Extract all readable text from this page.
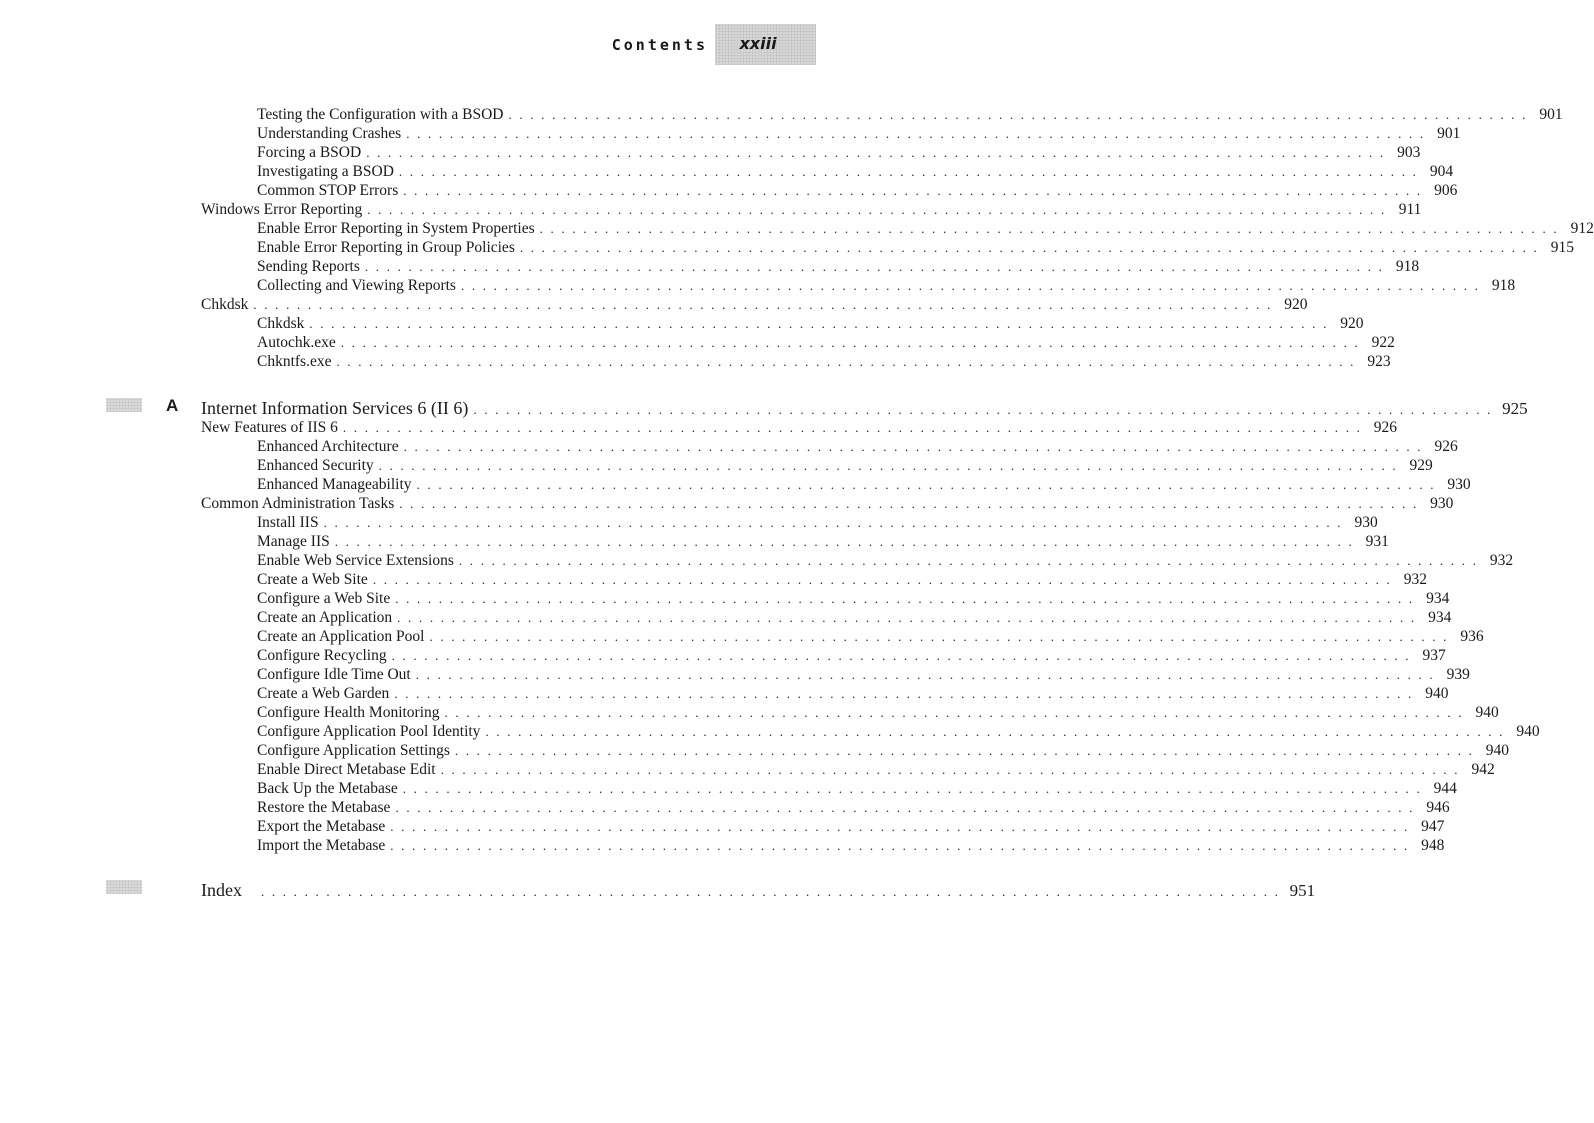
Contents	xxiii
Testing the Configuration with a BSOD . . . . . . . . . . . . . . . . . . . . . . . . . . . . . . . . . . . . . . . . . . . . . . . . . . . . . . . . . . . . . . . . . . . . . . . . . . . . . . . . . . . . . . . . . . . . . . 901
Understanding Crashes . . . . . . . . . . . . . . . . . . . . . . . . . . . . . . . . . . . . . . . . . . . . . . . . . . . . . . . . . . . . . . . . . . . . . . . . . . . . . . . . . . . . . . . . . . . . . . 901
Forcing a BSOD . . . . . . . . . . . . . . . . . . . . . . . . . . . . . . . . . . . . . . . . . . . . . . . . . . . . . . . . . . . . . . . . . . . . . . . . . . . . . . . . . . . . . . . . . . . . . . 903
Investigating a BSOD . . . . . . . . . . . . . . . . . . . . . . . . . . . . . . . . . . . . . . . . . . . . . . . . . . . . . . . . . . . . . . . . . . . . . . . . . . . . . . . . . . . . . . . . . . . . . . 904
Common STOP Errors . . . . . . . . . . . . . . . . . . . . . . . . . . . . . . . . . . . . . . . . . . . . . . . . . . . . . . . . . . . . . . . . . . . . . . . . . . . . . . . . . . . . . . . . . . . . . . 906
Windows Error Reporting . . . . . . . . . . . . . . . . . . . . . . . . . . . . . . . . . . . . . . . . . . . . . . . . . . . . . . . . . . . . . . . . . . . . . . . . . . . . . . . . . . . . . . . . . . . . . . 911
Enable Error Reporting in System Properties . . . . . . . . . . . . . . . . . . . . . . . . . . . . . . . . . . . . . . . . . . . . . . . . . . . . . . . . . . . . . . . . . . . . . . . . . . . . . . . . . . . . . . . . . . . . . . 912
Enable Error Reporting in Group Policies . . . . . . . . . . . . . . . . . . . . . . . . . . . . . . . . . . . . . . . . . . . . . . . . . . . . . . . . . . . . . . . . . . . . . . . . . . . . . . . . . . . . . . . . . . . . . . 915
Sending Reports . . . . . . . . . . . . . . . . . . . . . . . . . . . . . . . . . . . . . . . . . . . . . . . . . . . . . . . . . . . . . . . . . . . . . . . . . . . . . . . . . . . . . . . . . . . . . . 918
Collecting and Viewing Reports . . . . . . . . . . . . . . . . . . . . . . . . . . . . . . . . . . . . . . . . . . . . . . . . . . . . . . . . . . . . . . . . . . . . . . . . . . . . . . . . . . . . . . . . . . . . . . 918
Chkdsk . . . . . . . . . . . . . . . . . . . . . . . . . . . . . . . . . . . . . . . . . . . . . . . . . . . . . . . . . . . . . . . . . . . . . . . . . . . . . . . . . . . . . . . . . . . . . . 920
Chkdsk . . . . . . . . . . . . . . . . . . . . . . . . . . . . . . . . . . . . . . . . . . . . . . . . . . . . . . . . . . . . . . . . . . . . . . . . . . . . . . . . . . . . . . . . . . . . . . 920
Autochk.exe . . . . . . . . . . . . . . . . . . . . . . . . . . . . . . . . . . . . . . . . . . . . . . . . . . . . . . . . . . . . . . . . . . . . . . . . . . . . . . . . . . . . . . . . . . . . . . 922
Chkntfs.exe . . . . . . . . . . . . . . . . . . . . . . . . . . . . . . . . . . . . . . . . . . . . . . . . . . . . . . . . . . . . . . . . . . . . . . . . . . . . . . . . . . . . . . . . . . . . . . 923
A Internet Information Services 6 (II 6) . . . . . . . . . . . . . . . . . . . . . . . . . . . . . . . . . . . . . . . . . . . . . . . . . . . . . . . . . . . . . . . . . . . . . . . . . . . . . . . . . . . . . . . . . . . . . . 925
New Features of IIS 6 . . . . . . . . . . . . . . . . . . . . . . . . . . . . . . . . . . . . . . . . . . . . . . . . . . . . . . . . . . . . . . . . . . . . . . . . . . . . . . . . . . . . . . . . . . . . . . 926
Enhanced Architecture . . . . . . . . . . . . . . . . . . . . . . . . . . . . . . . . . . . . . . . . . . . . . . . . . . . . . . . . . . . . . . . . . . . . . . . . . . . . . . . . . . . . . . . . . . . . . . 926
Enhanced Security . . . . . . . . . . . . . . . . . . . . . . . . . . . . . . . . . . . . . . . . . . . . . . . . . . . . . . . . . . . . . . . . . . . . . . . . . . . . . . . . . . . . . . . . . . . . . . 929
Enhanced Manageability . . . . . . . . . . . . . . . . . . . . . . . . . . . . . . . . . . . . . . . . . . . . . . . . . . . . . . . . . . . . . . . . . . . . . . . . . . . . . . . . . . . . . . . . . . . . . . 930
Common Administration Tasks . . . . . . . . . . . . . . . . . . . . . . . . . . . . . . . . . . . . . . . . . . . . . . . . . . . . . . . . . . . . . . . . . . . . . . . . . . . . . . . . . . . . . . . . . . . . . . 930
Install IIS . . . . . . . . . . . . . . . . . . . . . . . . . . . . . . . . . . . . . . . . . . . . . . . . . . . . . . . . . . . . . . . . . . . . . . . . . . . . . . . . . . . . . . . . . . . . . . 930
Manage IIS . . . . . . . . . . . . . . . . . . . . . . . . . . . . . . . . . . . . . . . . . . . . . . . . . . . . . . . . . . . . . . . . . . . . . . . . . . . . . . . . . . . . . . . . . . . . . . 931
Enable Web Service Extensions . . . . . . . . . . . . . . . . . . . . . . . . . . . . . . . . . . . . . . . . . . . . . . . . . . . . . . . . . . . . . . . . . . . . . . . . . . . . . . . . . . . . . . . . . . . . . . 932
Create a Web Site . . . . . . . . . . . . . . . . . . . . . . . . . . . . . . . . . . . . . . . . . . . . . . . . . . . . . . . . . . . . . . . . . . . . . . . . . . . . . . . . . . . . . . . . . . . . . . 932
Configure a Web Site . . . . . . . . . . . . . . . . . . . . . . . . . . . . . . . . . . . . . . . . . . . . . . . . . . . . . . . . . . . . . . . . . . . . . . . . . . . . . . . . . . . . . . . . . . . . . . 934
Create an Application . . . . . . . . . . . . . . . . . . . . . . . . . . . . . . . . . . . . . . . . . . . . . . . . . . . . . . . . . . . . . . . . . . . . . . . . . . . . . . . . . . . . . . . . . . . . . . 934
Create an Application Pool . . . . . . . . . . . . . . . . . . . . . . . . . . . . . . . . . . . . . . . . . . . . . . . . . . . . . . . . . . . . . . . . . . . . . . . . . . . . . . . . . . . . . . . . . . . . . . 936
Configure Recycling . . . . . . . . . . . . . . . . . . . . . . . . . . . . . . . . . . . . . . . . . . . . . . . . . . . . . . . . . . . . . . . . . . . . . . . . . . . . . . . . . . . . . . . . . . . . . . 937
Configure Idle Time Out . . . . . . . . . . . . . . . . . . . . . . . . . . . . . . . . . . . . . . . . . . . . . . . . . . . . . . . . . . . . . . . . . . . . . . . . . . . . . . . . . . . . . . . . . . . . . . 939
Create a Web Garden . . . . . . . . . . . . . . . . . . . . . . . . . . . . . . . . . . . . . . . . . . . . . . . . . . . . . . . . . . . . . . . . . . . . . . . . . . . . . . . . . . . . . . . . . . . . . . 940
Configure Health Monitoring . . . . . . . . . . . . . . . . . . . . . . . . . . . . . . . . . . . . . . . . . . . . . . . . . . . . . . . . . . . . . . . . . . . . . . . . . . . . . . . . . . . . . . . . . . . . . . 940
Configure Application Pool Identity . . . . . . . . . . . . . . . . . . . . . . . . . . . . . . . . . . . . . . . . . . . . . . . . . . . . . . . . . . . . . . . . . . . . . . . . . . . . . . . . . . . . . . . . . . . . . . 940
Configure Application Settings . . . . . . . . . . . . . . . . . . . . . . . . . . . . . . . . . . . . . . . . . . . . . . . . . . . . . . . . . . . . . . . . . . . . . . . . . . . . . . . . . . . . . . . . . . . . . . 940
Enable Direct Metabase Edit . . . . . . . . . . . . . . . . . . . . . . . . . . . . . . . . . . . . . . . . . . . . . . . . . . . . . . . . . . . . . . . . . . . . . . . . . . . . . . . . . . . . . . . . . . . . . . 942
Back Up the Metabase . . . . . . . . . . . . . . . . . . . . . . . . . . . . . . . . . . . . . . . . . . . . . . . . . . . . . . . . . . . . . . . . . . . . . . . . . . . . . . . . . . . . . . . . . . . . . . 944
Restore the Metabase . . . . . . . . . . . . . . . . . . . . . . . . . . . . . . . . . . . . . . . . . . . . . . . . . . . . . . . . . . . . . . . . . . . . . . . . . . . . . . . . . . . . . . . . . . . . . . 946
Export the Metabase . . . . . . . . . . . . . . . . . . . . . . . . . . . . . . . . . . . . . . . . . . . . . . . . . . . . . . . . . . . . . . . . . . . . . . . . . . . . . . . . . . . . . . . . . . . . . . 947
Import the Metabase . . . . . . . . . . . . . . . . . . . . . . . . . . . . . . . . . . . . . . . . . . . . . . . . . . . . . . . . . . . . . . . . . . . . . . . . . . . . . . . . . . . . . . . . . . . . . . 948
Index . . . . . . . . . . . . . . . . . . . . . . . . . . . . . . . . . . . . . . . . . . . . . . . . . . . . . . . . . . . . . . . . . . . . . . . . . . . . . . . . . . . . . . . . . . . . . . 951
